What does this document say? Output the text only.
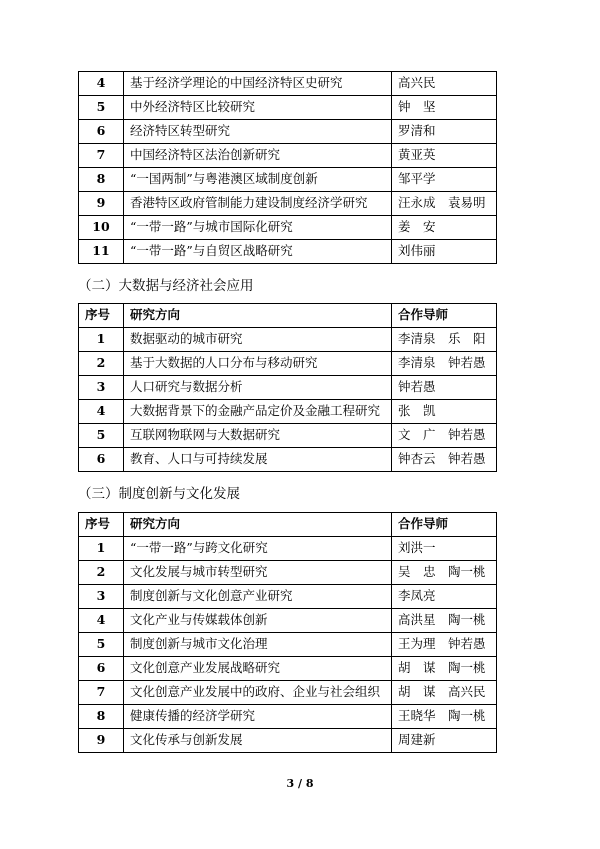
4	基于经济学理论的中国经济特区史研究	高兴民
5	中外经济特区比较研究	钟　坚
6	经济特区转型研究	罗清和
7	中国经济特区法治创新研究	黄亚英
8	“一国两制”与粤港澳区域制度创新	邹平学
9	香港特区政府管制能力建设制度经济学研究	汪永成　袁易明
10	“一带一路”与城市国际化研究	姜　安
11	“一带一路”与自贸区战略研究	刘伟丽
（二）大数据与经济社会应用
序号	研究方向	合作导师
1	数据驱动的城市研究	李清泉　乐　阳
2	基于大数据的人口分布与移动研究	李清泉　钟若愚
3	人口研究与数据分析	钟若愚
4	大数据背景下的金融产品定价及金融工程研究	张　凯
5	互联网物联网与大数据研究	文　广　钟若愚
6	教育、人口与可持续发展	钟杏云　钟若愚
（三）制度创新与文化发展
序号	研究方向	合作导师
1	“一带一路”与跨文化研究	刘洪一
2	文化发展与城市转型研究	吴　忠　陶一桃
3	制度创新与文化创意产业研究	李凤亮
4	文化产业与传媒载体创新	高洪星　陶一桃
5	制度创新与城市文化治理	王为理　钟若愚
6	文化创意产业发展战略研究	胡　谋　陶一桃
7	文化创意产业发展中的政府、企业与社会组织	胡　谋　高兴民
8	健康传播的经济学研究	王晓华　陶一桃
9	文化传承与创新发展	周建新
3 / 8
